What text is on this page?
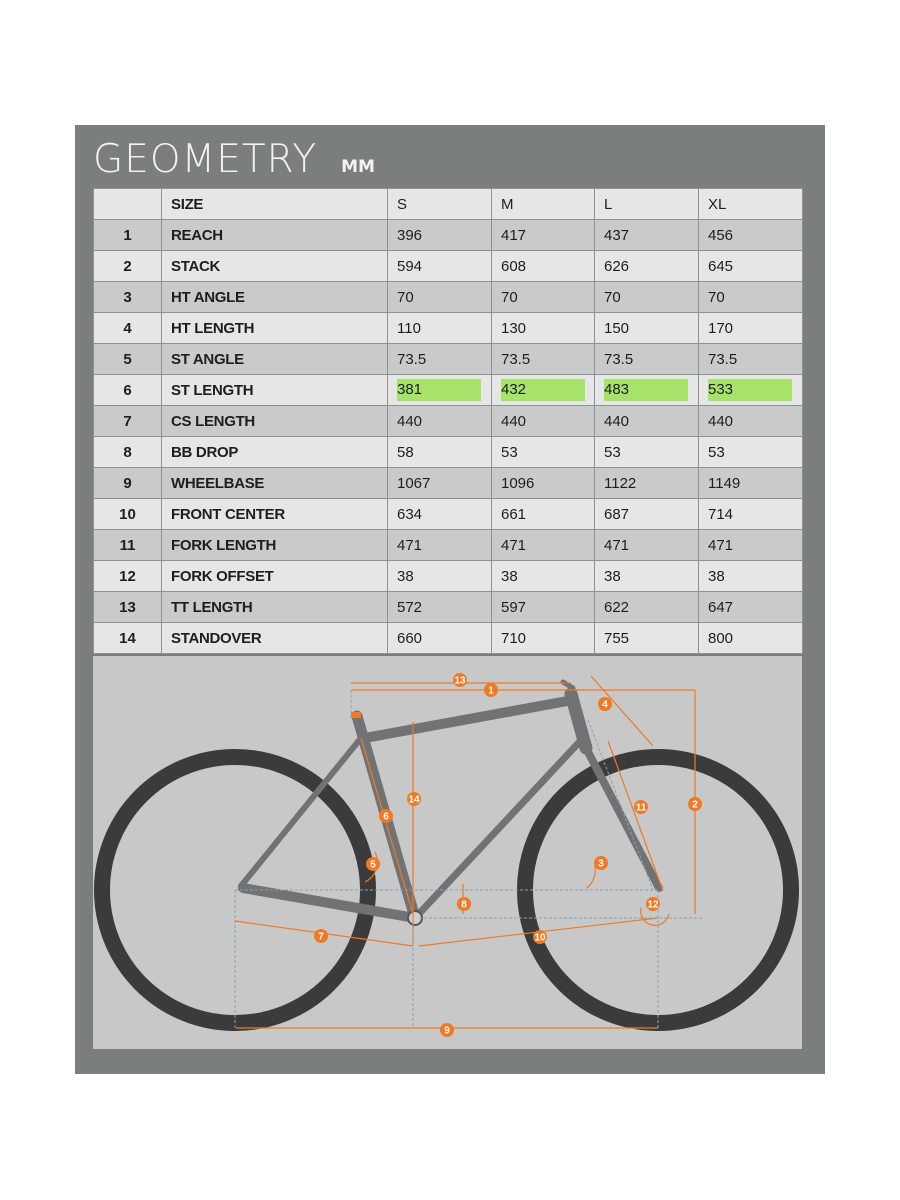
GEOMETRY MM
	SIZE	S	M	L	XL
1	REACH	396	417	437	456
2	STACK	594	608	626	645
3	HT ANGLE	70	70	70	70
4	HT LENGTH	110	130	150	170
5	ST ANGLE	73.5	73.5	73.5	73.5
6	ST LENGTH	381	432	483	533
7	CS LENGTH	440	440	440	440
8	BB DROP	58	53	53	53
9	WHEELBASE	1067	1096	1122	1149
10	FRONT CENTER	634	661	687	714
11	FORK LENGTH	471	471	471	471
12	FORK OFFSET	38	38	38	38
13	TT LENGTH	572	597	622	647
14	STANDOVER	660	710	755	800
1
2
3
4
5
6
7
8
9
10
11
12
13
14
